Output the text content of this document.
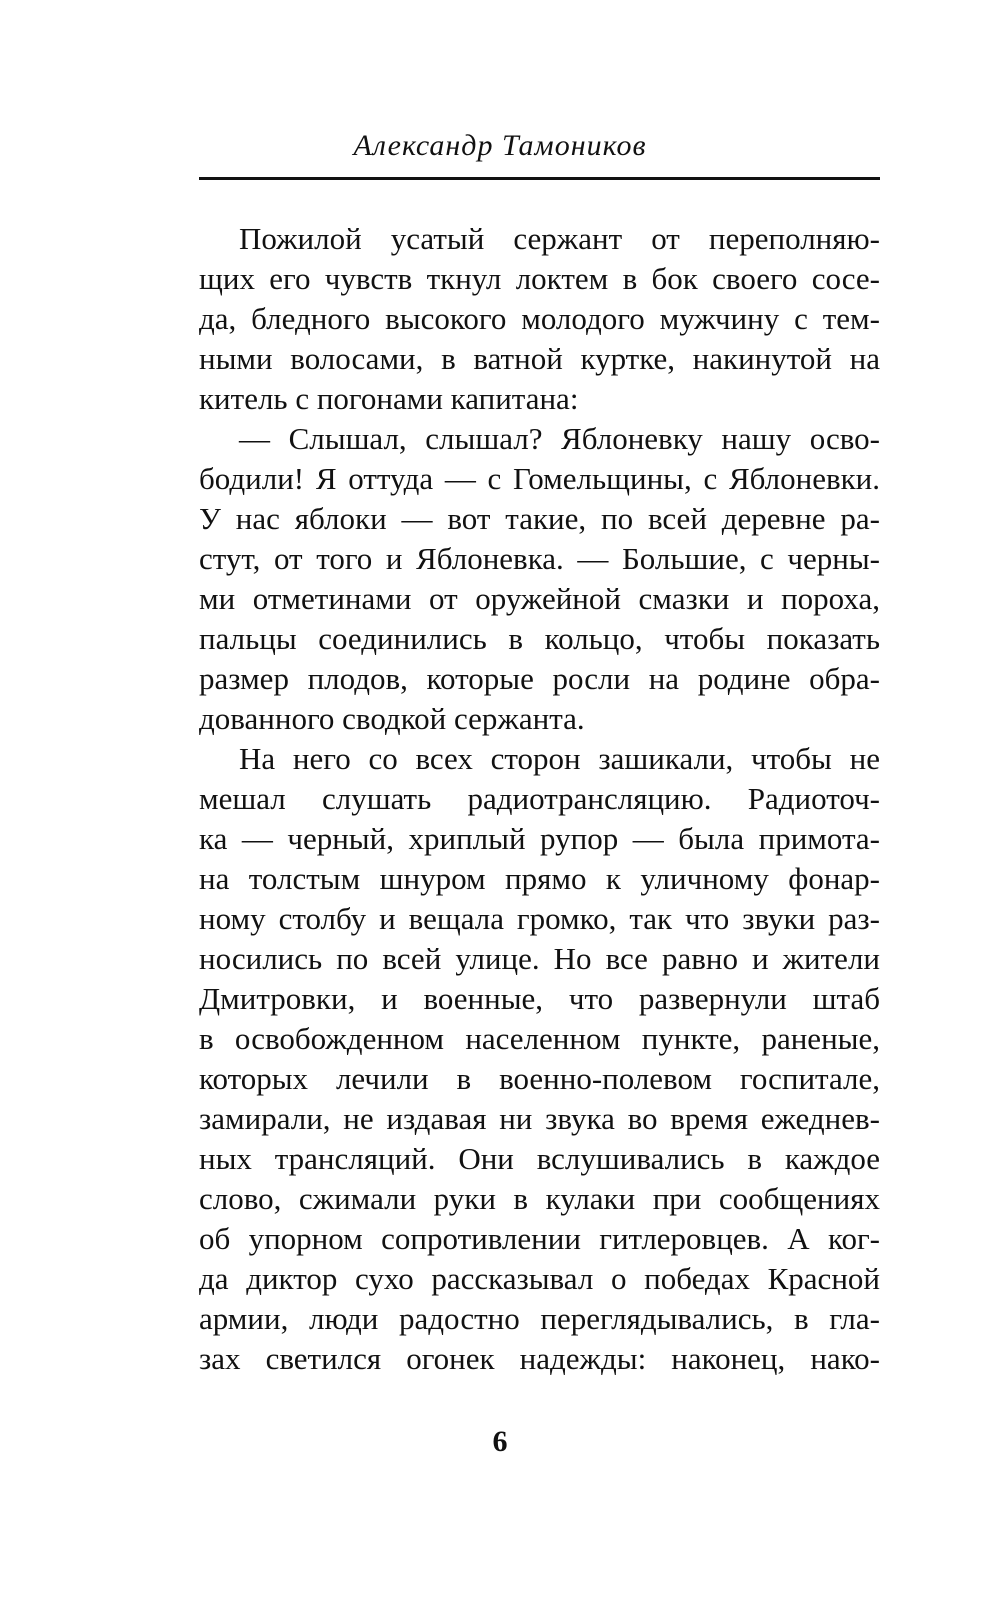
Александр Тамоников
Пожилой усатый сержант от переполняю-
щих его чувств ткнул локтем в бок своего сосе-
да, бледного высокого молодого мужчину с тем-
ными волосами, в ватной куртке, накинутой на
китель с погонами капитана:
— Слышал, слышал? Яблоневку нашу осво-
бодили! Я оттуда — с Гомельщины, с Яблоневки.
У нас яблоки — вот такие, по всей деревне ра-
стут, от того и Яблоневка. — Большие, с черны-
ми отметинами от оружейной смазки и пороха,
пальцы соединились в кольцо, чтобы показать
размер плодов, которые росли на родине обра-
дованного сводкой сержанта.
На него со всех сторон зашикали, чтобы не
мешал слушать радиотрансляцию. Радиоточ-
ка — черный, хриплый рупор — была примота-
на толстым шнуром прямо к уличному фонар-
ному столбу и вещала громко, так что звуки раз-
носились по всей улице. Но все равно и жители
Дмитровки, и военные, что развернули штаб
в освобожденном населенном пункте, раненые,
которых лечили в военно-полевом госпитале,
замирали, не издавая ни звука во время ежеднев-
ных трансляций. Они вслушивались в каждое
слово, сжимали руки в кулаки при сообщениях
об упорном сопротивлении гитлеровцев. А ког-
да диктор сухо рассказывал о победах Красной
армии, люди радостно переглядывались, в гла-
зах светился огонек надежды: наконец, нако-
6
